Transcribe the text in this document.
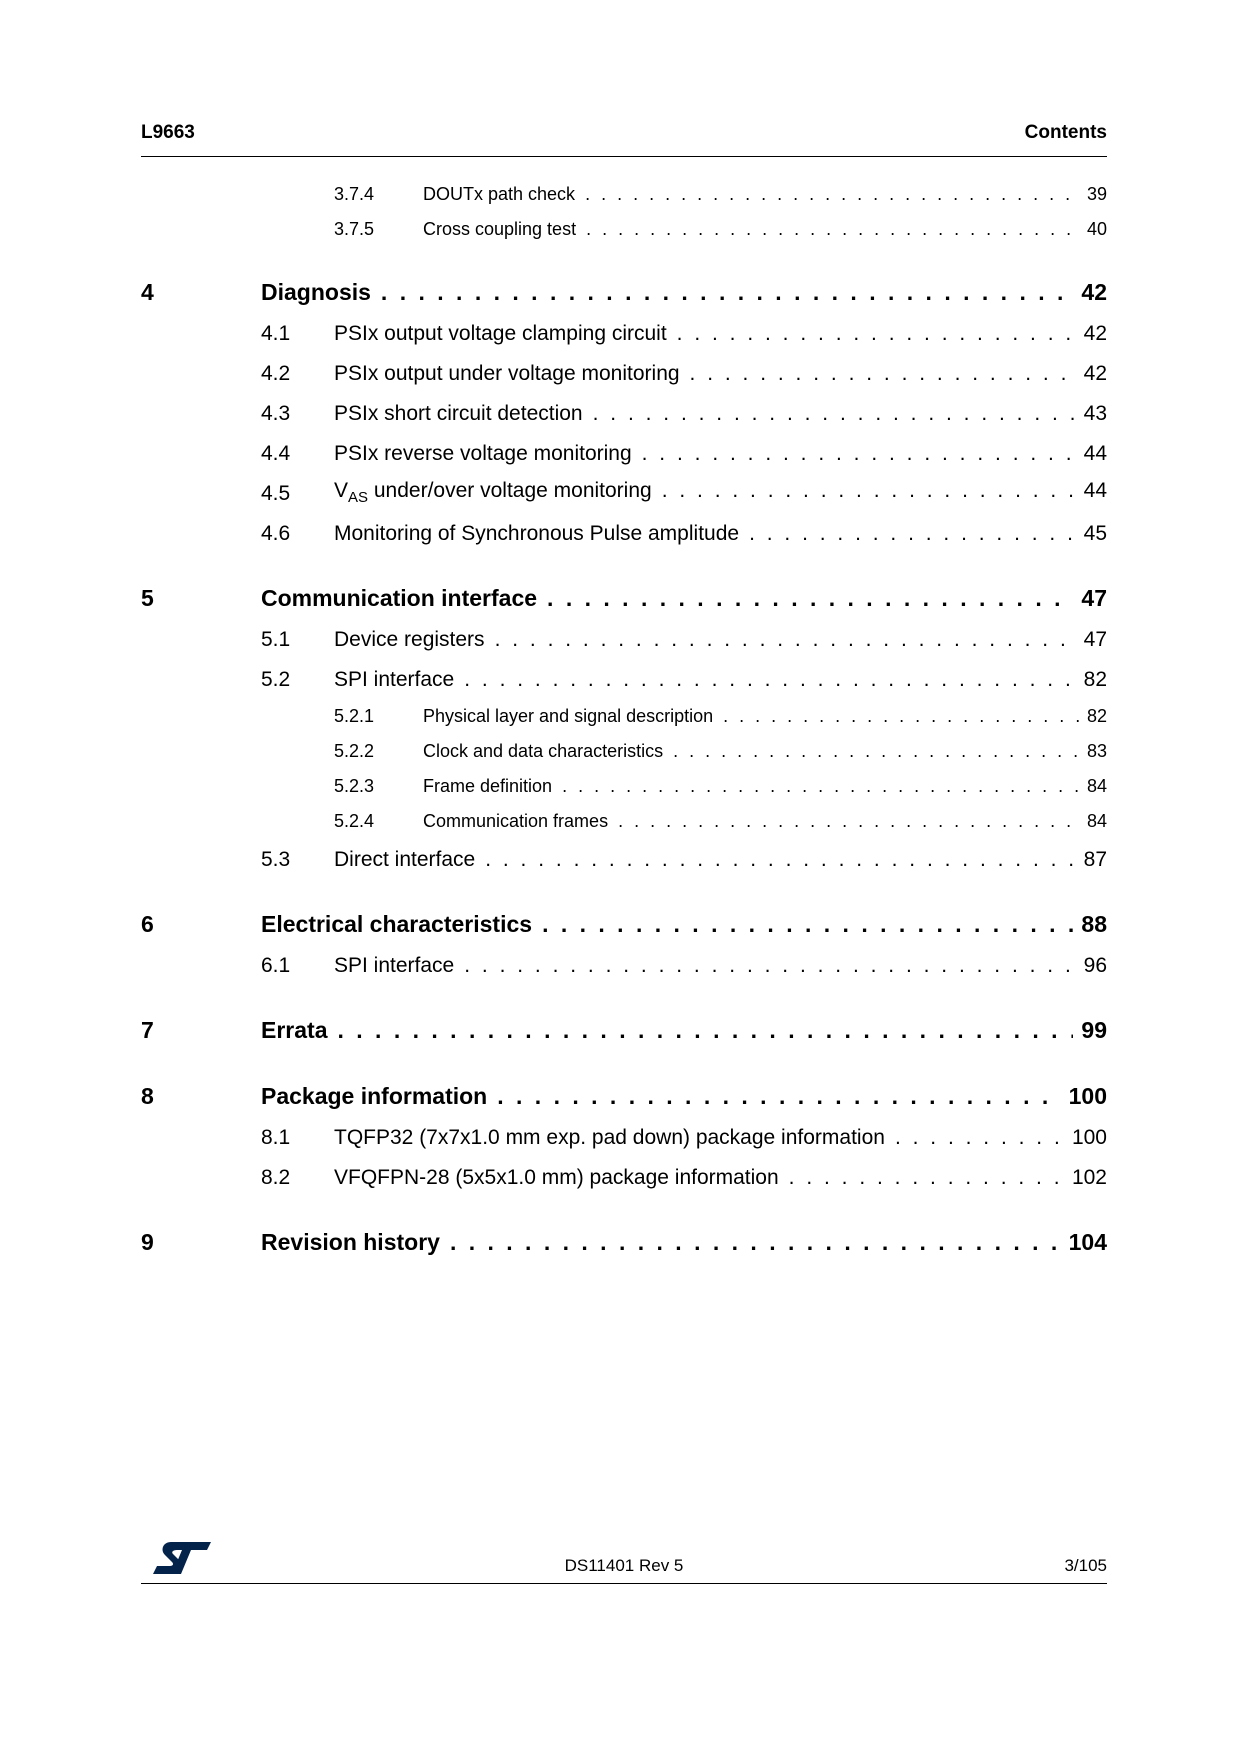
L9663	Contents
3.7.4	DOUTx path check . . .	39
3.7.5	Cross coupling test . . .	40
4	Diagnosis . . .	42
4.1 PSIx output voltage clamping circuit . . .	42
4.2 PSIx output under voltage monitoring . . .	42
4.3 PSIx short circuit detection . . .	43
4.4 PSIx reverse voltage monitoring . . .	44
4.5 $V_{AS}$ under/over voltage monitoring . . .	44
4.6 Monitoring of Synchronous Pulse amplitude . . .	45
5	Communication interface . . .	47
5.1 Device registers . . .	47
5.2 SPI interface . . .	82
5.2.1	Physical layer and signal description . . .	82
5.2.2	Clock and data characteristics . . .	83
5.2.3	Frame definition . . .	84
5.2.4	Communication frames . . .	84
5.3 Direct interface . . .	87
6	Electrical characteristics . . .	88
6.1 SPI interface . . .	96
7	Errata . . .	99
8	Package information . . .	100
8.1 TQFP32 (7x7x1.0 mm exp. pad down) package information . . .	100
8.2 VFQFPN-28 (5x5x1.0 mm) package information . . .	102
9	Revision history . . .	104
DS11401 Rev 5	3/105
